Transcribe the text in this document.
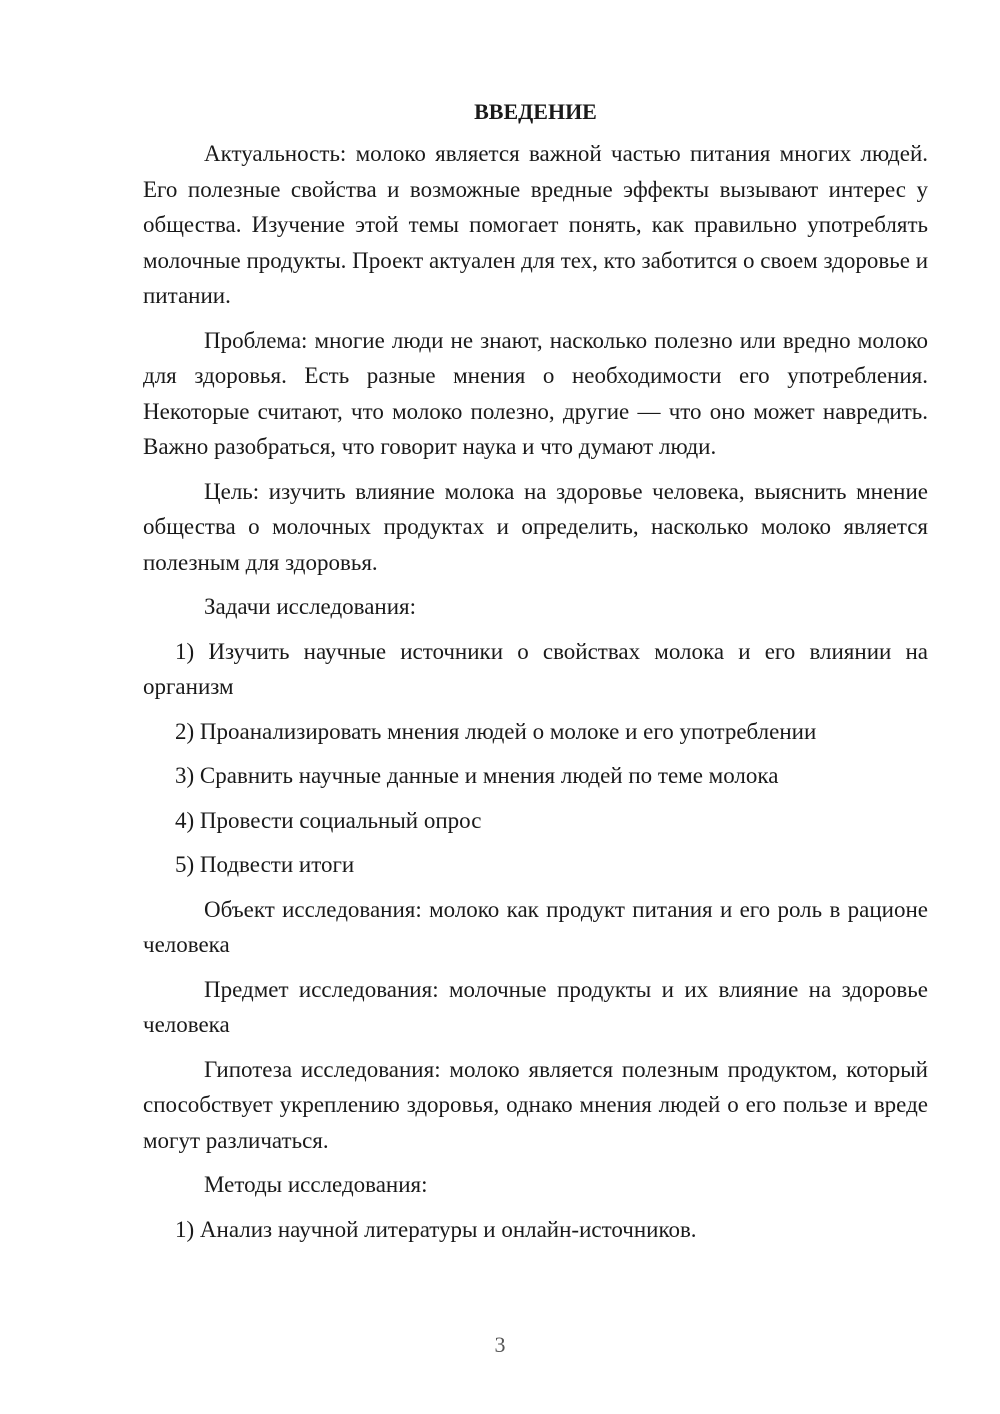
ВВЕДЕНИЕ

Актуальность: молоко является важной частью питания многих людей. Его полезные свойства и возможные вредные эффекты вызывают интерес у общества. Изучение этой темы помогает понять, как правильно употреблять молочные продукты. Проект актуален для тех, кто заботится о своем здоровье и питании.

Проблема: многие люди не знают, насколько полезно или вредно молоко для здоровья. Есть разные мнения о необходимости его употребления. Некоторые считают, что молоко полезно, другие — что оно может навредить. Важно разобраться, что говорит наука и что думают люди.

Цель: изучить влияние молока на здоровье человека, выяснить мнение общества о молочных продуктах и определить, насколько молоко является полезным для здоровья.

Задачи исследования:

1) Изучить научные источники о свойствах молока и его влиянии на организм

2) Проанализировать мнения людей о молоке и его употреблении

3) Сравнить научные данные и мнения людей по теме молока

4) Провести социальный опрос

5) Подвести итоги

Объект исследования: молоко как продукт питания и его роль в рационе человека

Предмет исследования: молочные продукты и их влияние на здоровье человека

Гипотеза исследования: молоко является полезным продуктом, который способствует укреплению здоровья, однако мнения людей о его пользе и вреде могут различаться.

Методы исследования:

1) Анализ научной литературы и онлайн-источников.

3
